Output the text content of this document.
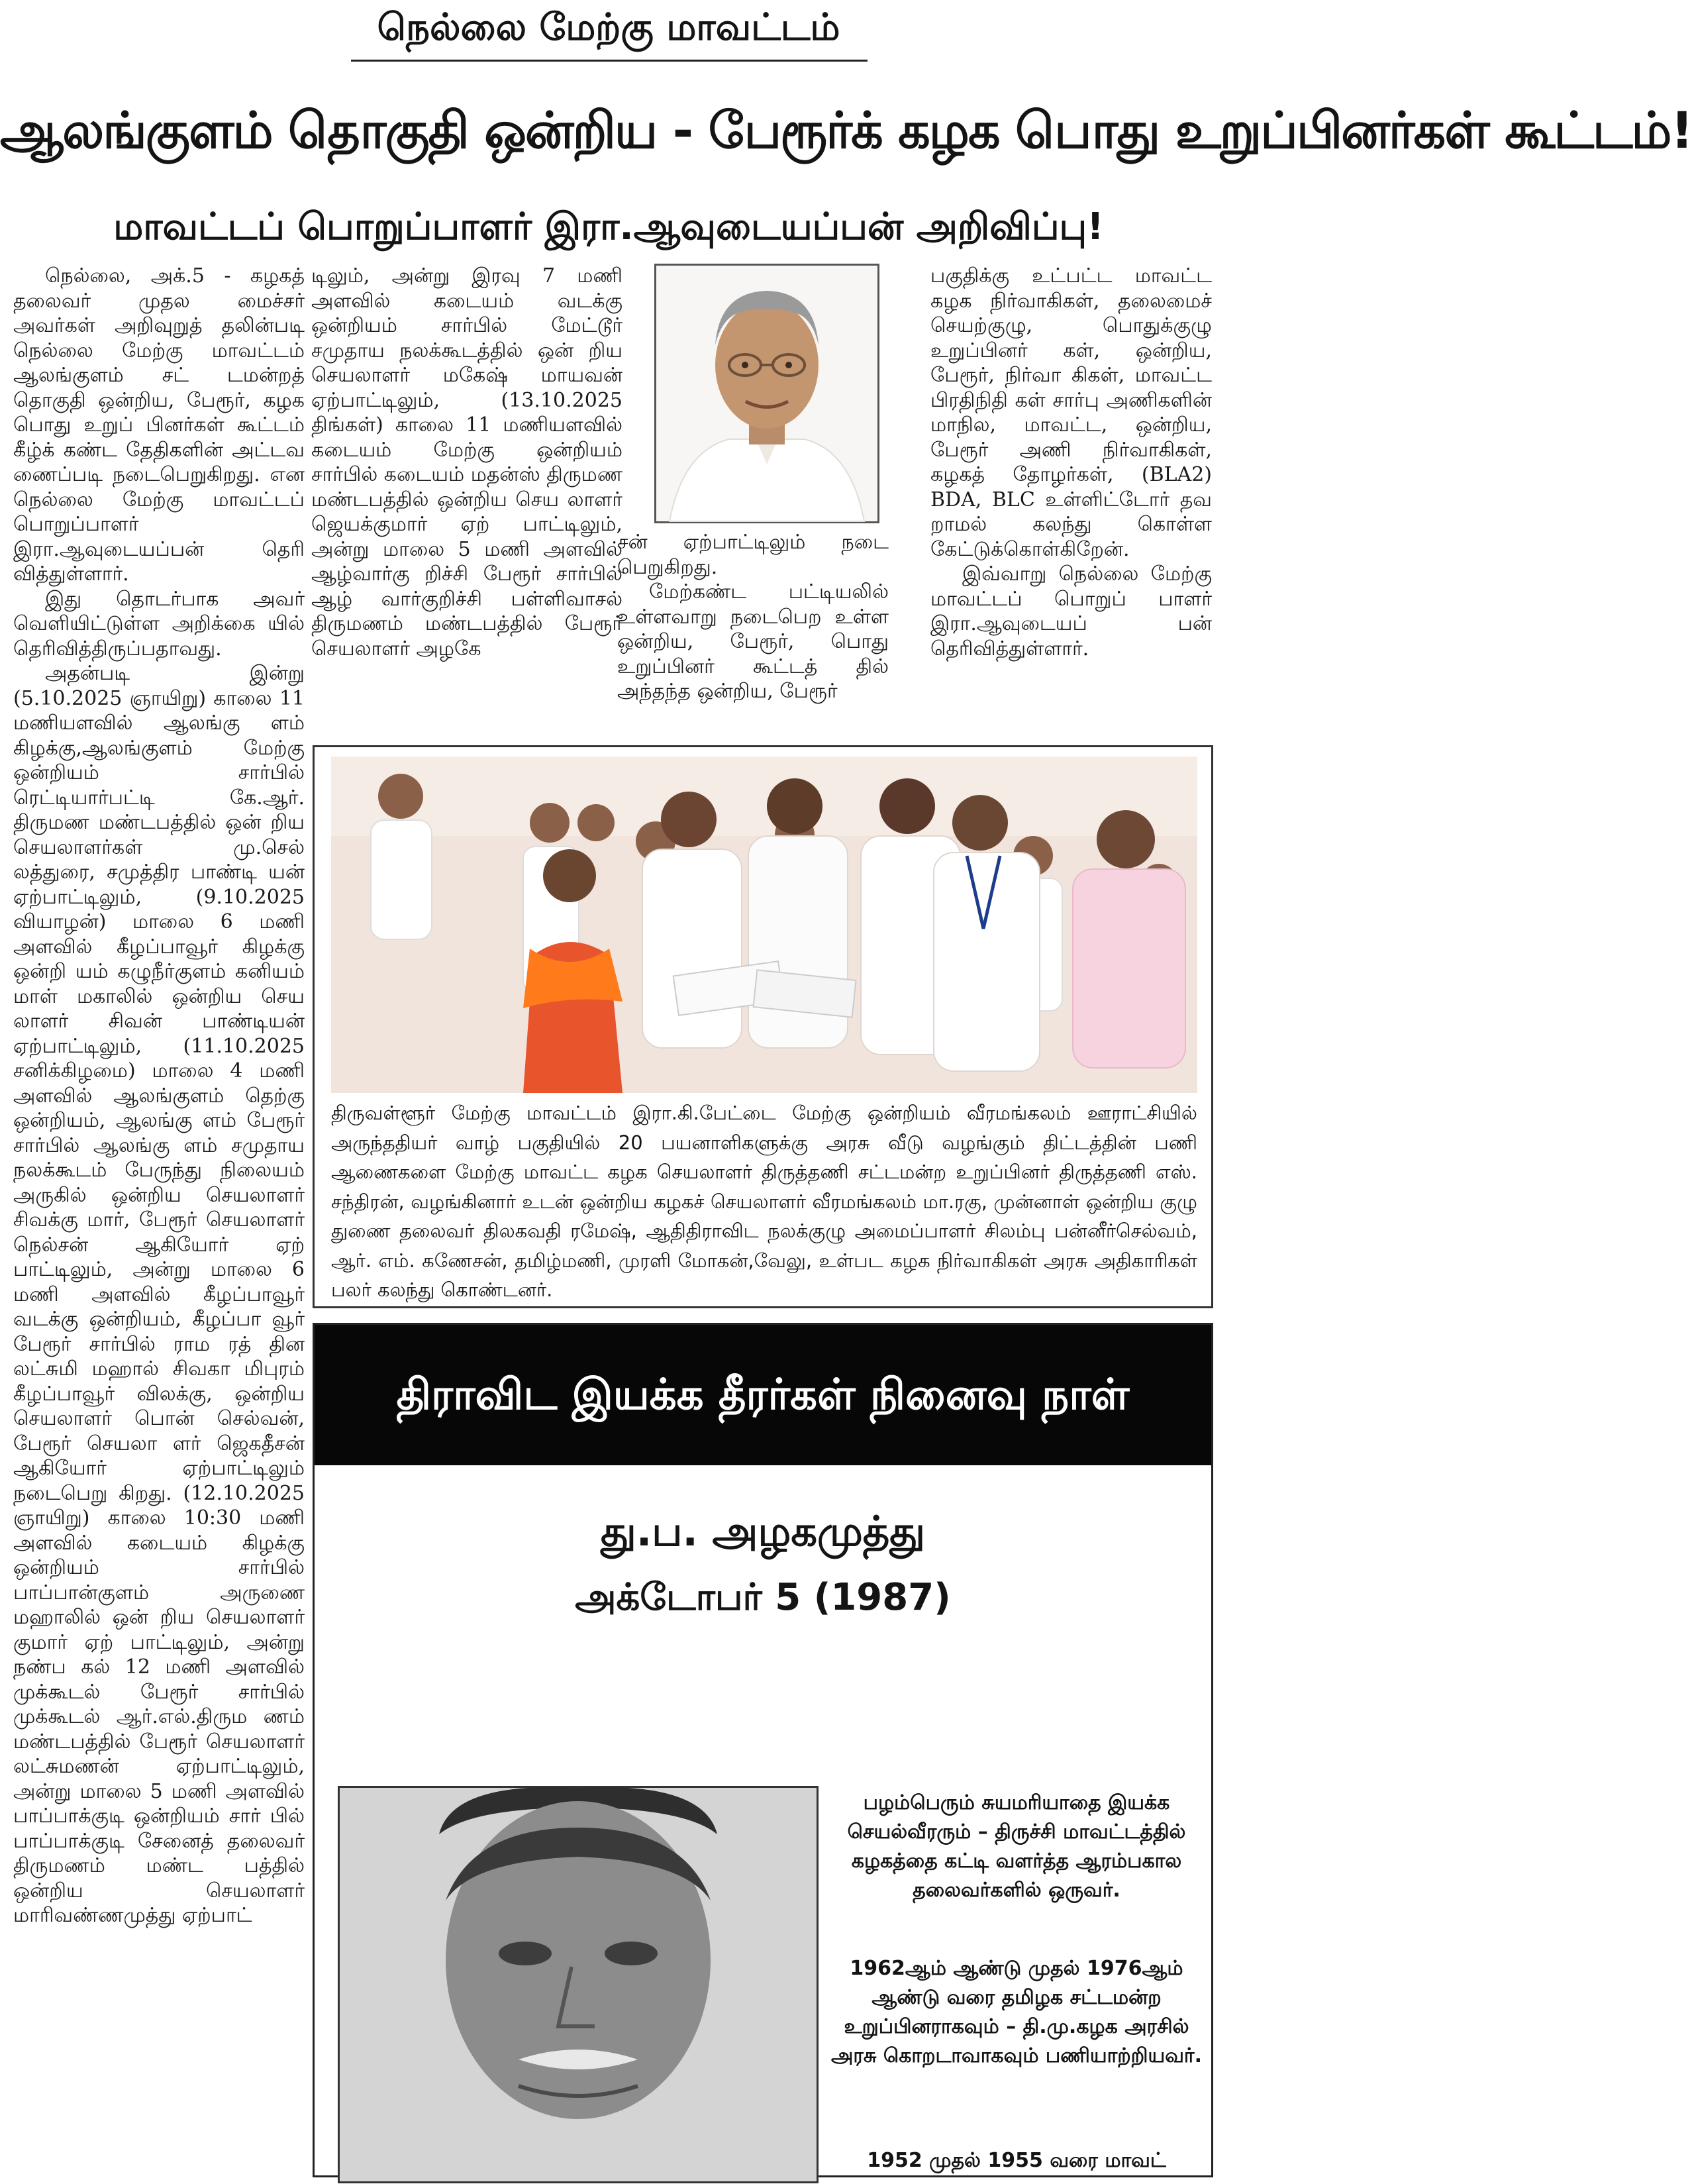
நெல்லை மேற்கு மாவட்டம்
ஆலங்குளம் தொகுதி ஒன்றிய - பேரூர்க் கழக பொது உறுப்பினர்கள் கூட்டம்!
மாவட்டப் பொறுப்பாளர் இரா.ஆவுடையப்பன் அறிவிப்பு!

நெல்லை, அக்.5 - கழகத் தலைவர் முதல மைச்சர் அவர்கள் அறிவுறுத் தலின்படி நெல்லை மேற்கு மாவட்டம் ஆலங்குளம் சட் டமன்றத் தொகுதி ஒன்றிய, பேரூர், கழக பொது உறுப் பினர்கள் கூட்டம் கீழ்க் கண்ட தேதிகளின் அட்டவ ணைப்படி நடைபெறுகிறது. என நெல்லை மேற்கு மாவட்டப் பொறுப்பாளர் இரா.ஆவுடையப்பன் தெரி வித்துள்ளார்.

இது தொடர்பாக அவர் வெளியிட்டுள்ள அறிக்கை யில் தெரிவித்திருப்பதாவது.

அதன்படி இன்று (5.10.2025 ஞாயிறு) காலை 11 மணியளவில் ஆலங்கு ளம் கிழக்கு,ஆலங்குளம் மேற்கு ஒன்றியம் சார்பில் ரெட்டியார்பட்டி கே.ஆர். திருமண மண்டபத்தில் ஒன் றிய செயலாளர்கள் மு.செல் லத்துரை, சமுத்திர பாண்டி யன் ஏற்பாட்டிலும், (9.10.2025 வியாழன்) மாலை 6 மணி அளவில் கீழப்பாவூர் கிழக்கு ஒன்றி யம் கழுநீர்குளம் கனியம் மாள் மகாலில் ஒன்றிய செய லாளர் சிவன் பாண்டியன் ஏற்பாட்டிலும், (11.10.2025 சனிக்கிழமை) மாலை 4 மணி அளவில் ஆலங்குளம் தெற்கு ஒன்றியம், ஆலங்கு ளம் பேரூர் சார்பில் ஆலங்கு ளம் சமுதாய நலக்கூடம் பேருந்து நிலையம் அருகில் ஒன்றிய செயலாளர் சிவக்கு மார், பேரூர் செயலாளர் நெல்சன் ஆகியோர் ஏற் பாட்டிலும், அன்று மாலை 6 மணி அளவில் கீழப்பாவூர் வடக்கு ஒன்றியம், கீழப்பா வூர் பேரூர் சார்பில் ராம ரத் தின லட்சுமி மஹால் சிவகா மிபுரம் கீழப்பாவூர் விலக்கு, ஒன்றிய செயலாளர் பொன் செல்வன், பேரூர் செயலா ளர் ஜெகதீசன் ஆகியோர் ஏற்பாட்டிலும் நடைபெறு கிறது. (12.10.2025 ஞாயிறு) காலை 10:30 மணி அளவில் கடையம் கிழக்கு ஒன்றியம் சார்பில் பாப்பான்குளம் அருணை மஹாலில் ஒன் றிய செயலாளர் குமார் ஏற் பாட்டிலும், அன்று நண்ப கல் 12 மணி அளவில் முக்கூடல் பேரூர் சார்பில் முக்கூடல் ஆர்.எல்.திரும ணம் மண்டபத்தில் பேரூர் செயலாளர் லட்சுமணன் ஏற்பாட்டிலும், அன்று மாலை 5 மணி அளவில் பாப்பாக்குடி ஒன்றியம் சார் பில் பாப்பாக்குடி சேனைத் தலைவர் திருமணம் மண்ட பத்தில் ஒன்றிய செயலாளர் மாரிவண்ணமுத்து ஏற்பாட்

டிலும், அன்று இரவு 7 மணி அளவில் கடையம் வடக்கு ஒன்றியம் சார்பில் மேட்டூர் சமுதாய நலக்கூடத்தில் ஒன் றிய செயலாளர் மகேஷ் மாயவன் ஏற்பாட்டிலும், (13.10.2025 திங்கள்) காலை 11 மணியளவில் கடையம் மேற்கு ஒன்றியம் சார்பில் கடையம் மதன்ஸ் திருமண மண்டபத்தில் ஒன்றிய செய லாளர் ஜெயக்குமார் ஏற் பாட்டிலும், அன்று மாலை 5 மணி அளவில் ஆழ்வார்கு றிச்சி பேரூர் சார்பில் ஆழ் வார்குறிச்சி பள்ளிவாசல் திருமணம் மண்டபத்தில் பேரூர் செயலாளர் அழகே

சன் ஏற்பாட்டிலும் நடை பெறுகிறது.

மேற்கண்ட பட்டியலில் உள்ளவாறு நடைபெற உள்ள ஒன்றிய, பேரூர், பொது உறுப்பினர் கூட்டத் தில் அந்தந்த ஒன்றிய, பேரூர்

பகுதிக்கு உட்பட்ட மாவட்ட கழக நிர்வாகிகள், தலைமைச் செயற்குழு, பொதுக்குழு உறுப்பினர் கள், ஒன்றிய, பேரூர், நிர்வா கிகள், மாவட்ட பிரதிநிதி கள் சார்பு அணிகளின் மாநில, மாவட்ட, ஒன்றிய, பேரூர் அணி நிர்வாகிகள், கழகத் தோழர்கள், (BLA2) BDA, BLC உள்ளிட்டோர் தவ றாமல் கலந்து கொள்ள கேட்டுக்கொள்கிறேன்.

இவ்வாறு நெல்லை மேற்கு மாவட்டப் பொறுப் பாளர் இரா.ஆவுடையப் பன் தெரிவித்துள்ளார்.

திருவள்ளூர் மேற்கு மாவட்டம் இரா.கி.பேட்டை மேற்கு ஒன்றியம் வீரமங்கலம் ஊராட்சியில் அருந்ததியர் வாழ் பகுதியில் 20 பயனாளிகளுக்கு அரசு வீடு வழங்கும் திட்டத்தின் பணி ஆணைகளை மேற்கு மாவட்ட கழக செயலாளர் திருத்தணி சட்டமன்ற உறுப்பினர் திருத்தணி எஸ். சந்திரன், வழங்கினார் உடன் ஒன்றிய கழகச் செயலாளர் வீரமங்கலம் மா.ரகு, முன்னாள் ஒன்றிய குழு துணை தலைவர் திலகவதி ரமேஷ், ஆதிதிராவிட நலக்குழு அமைப்பாளர் சிலம்பு பன்னீர்செல்வம், ஆர். எம். கணேசன், தமிழ்மணி, முரளி மோகன்,வேலு, உள்பட கழக நிர்வாகிகள் அரசு அதிகாரிகள் பலர் கலந்து கொண்டனர்.

திராவிட இயக்க தீரர்கள் நினைவு நாள்
து.ப. அழகமுத்து
அக்டோபர் 5 (1987)

பழம்பெரும் சுயமரியாதை இயக்க செயல்வீரரும் – திருச்சி மாவட்டத்தில் கழகத்தை கட்டி வளர்த்த ஆரம்பகால தலைவர்களில் ஒருவர்.

1962ஆம் ஆண்டு முதல் 1976ஆம் ஆண்டு வரை தமிழக சட்டமன்ற உறுப்பினராகவும் – தி.மு.கழக அரசில் அரசு கொறடாவாகவும் பணியாற்றியவர்.

1952 முதல் 1955 வரை மாவட்
